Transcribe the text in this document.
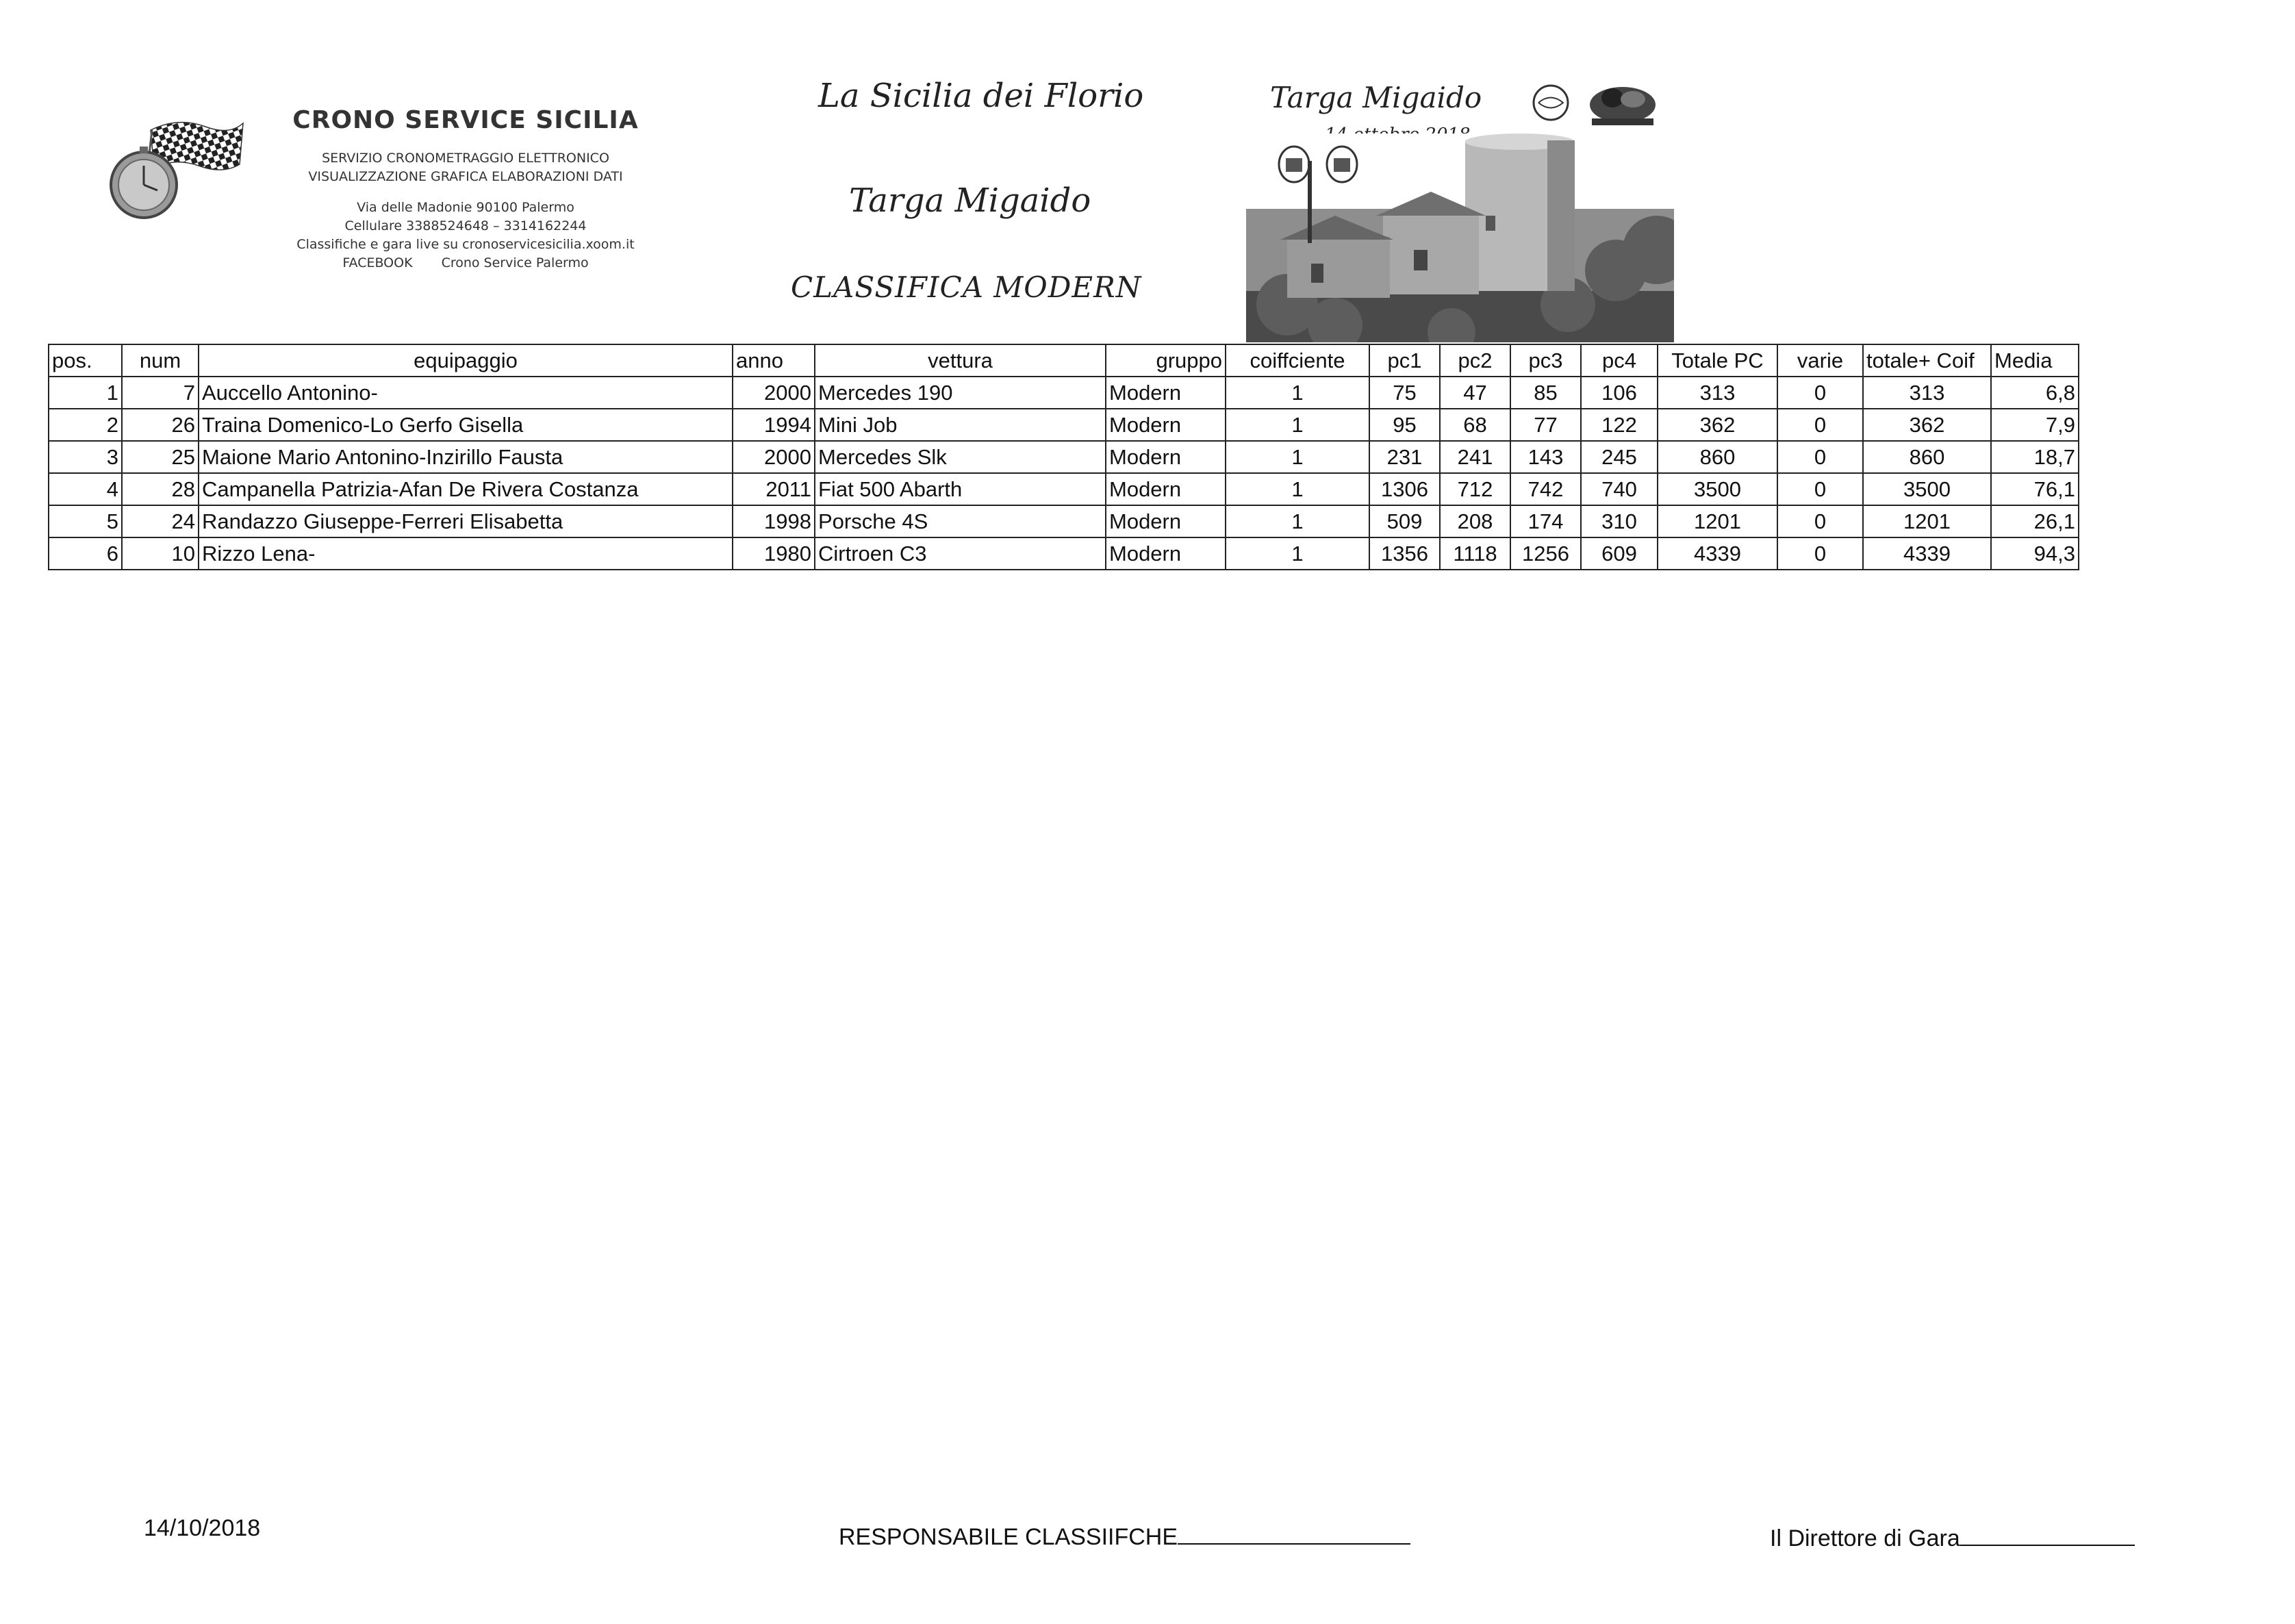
CRONO SERVICE SICILIA
SERVIZIO CRONOMETRAGGIO ELETTRONICO
VISUALIZZAZIONE GRAFICA ELABORAZIONI DATI
Via delle Madonie 90100 Palermo
Cellulare 3388524648 – 3314162244
Classifiche e gara live su cronoservicesicilia.xoom.it
FACEBOOK Crono Service Palermo
La Sicilia dei Florio
Targa Migaido
CLASSIFICA MODERN
Targa Migaido
pos.	num	equipaggio	anno	vettura	gruppo	coiffciente	pc1	pc2	pc3	pc4	Totale PC	varie	totale+ Coif	Media
1	7	Auccello Antonino-	2000	Mercedes 190	Modern	1	75	47	85	106	313	0	313	6,8
2	26	Traina Domenico-Lo Gerfo Gisella	1994	Mini Job	Modern	1	95	68	77	122	362	0	362	7,9
3	25	Maione Mario Antonino-Inzirillo Fausta	2000	Mercedes Slk	Modern	1	231	241	143	245	860	0	860	18,7
4	28	Campanella Patrizia-Afan De Rivera Costanza	2011	Fiat 500 Abarth	Modern	1	1306	712	742	740	3500	0	3500	76,1
5	24	Randazzo Giuseppe-Ferreri Elisabetta	1998	Porsche 4S	Modern	1	509	208	174	310	1201	0	1201	26,1
6	10	Rizzo Lena-	1980	Cirtroen C3	Modern	1	1356	1118	1256	609	4339	0	4339	94,3
14/10/2018	RESPONSABILE CLASSIIFCHE	Il Direttore di Gara
